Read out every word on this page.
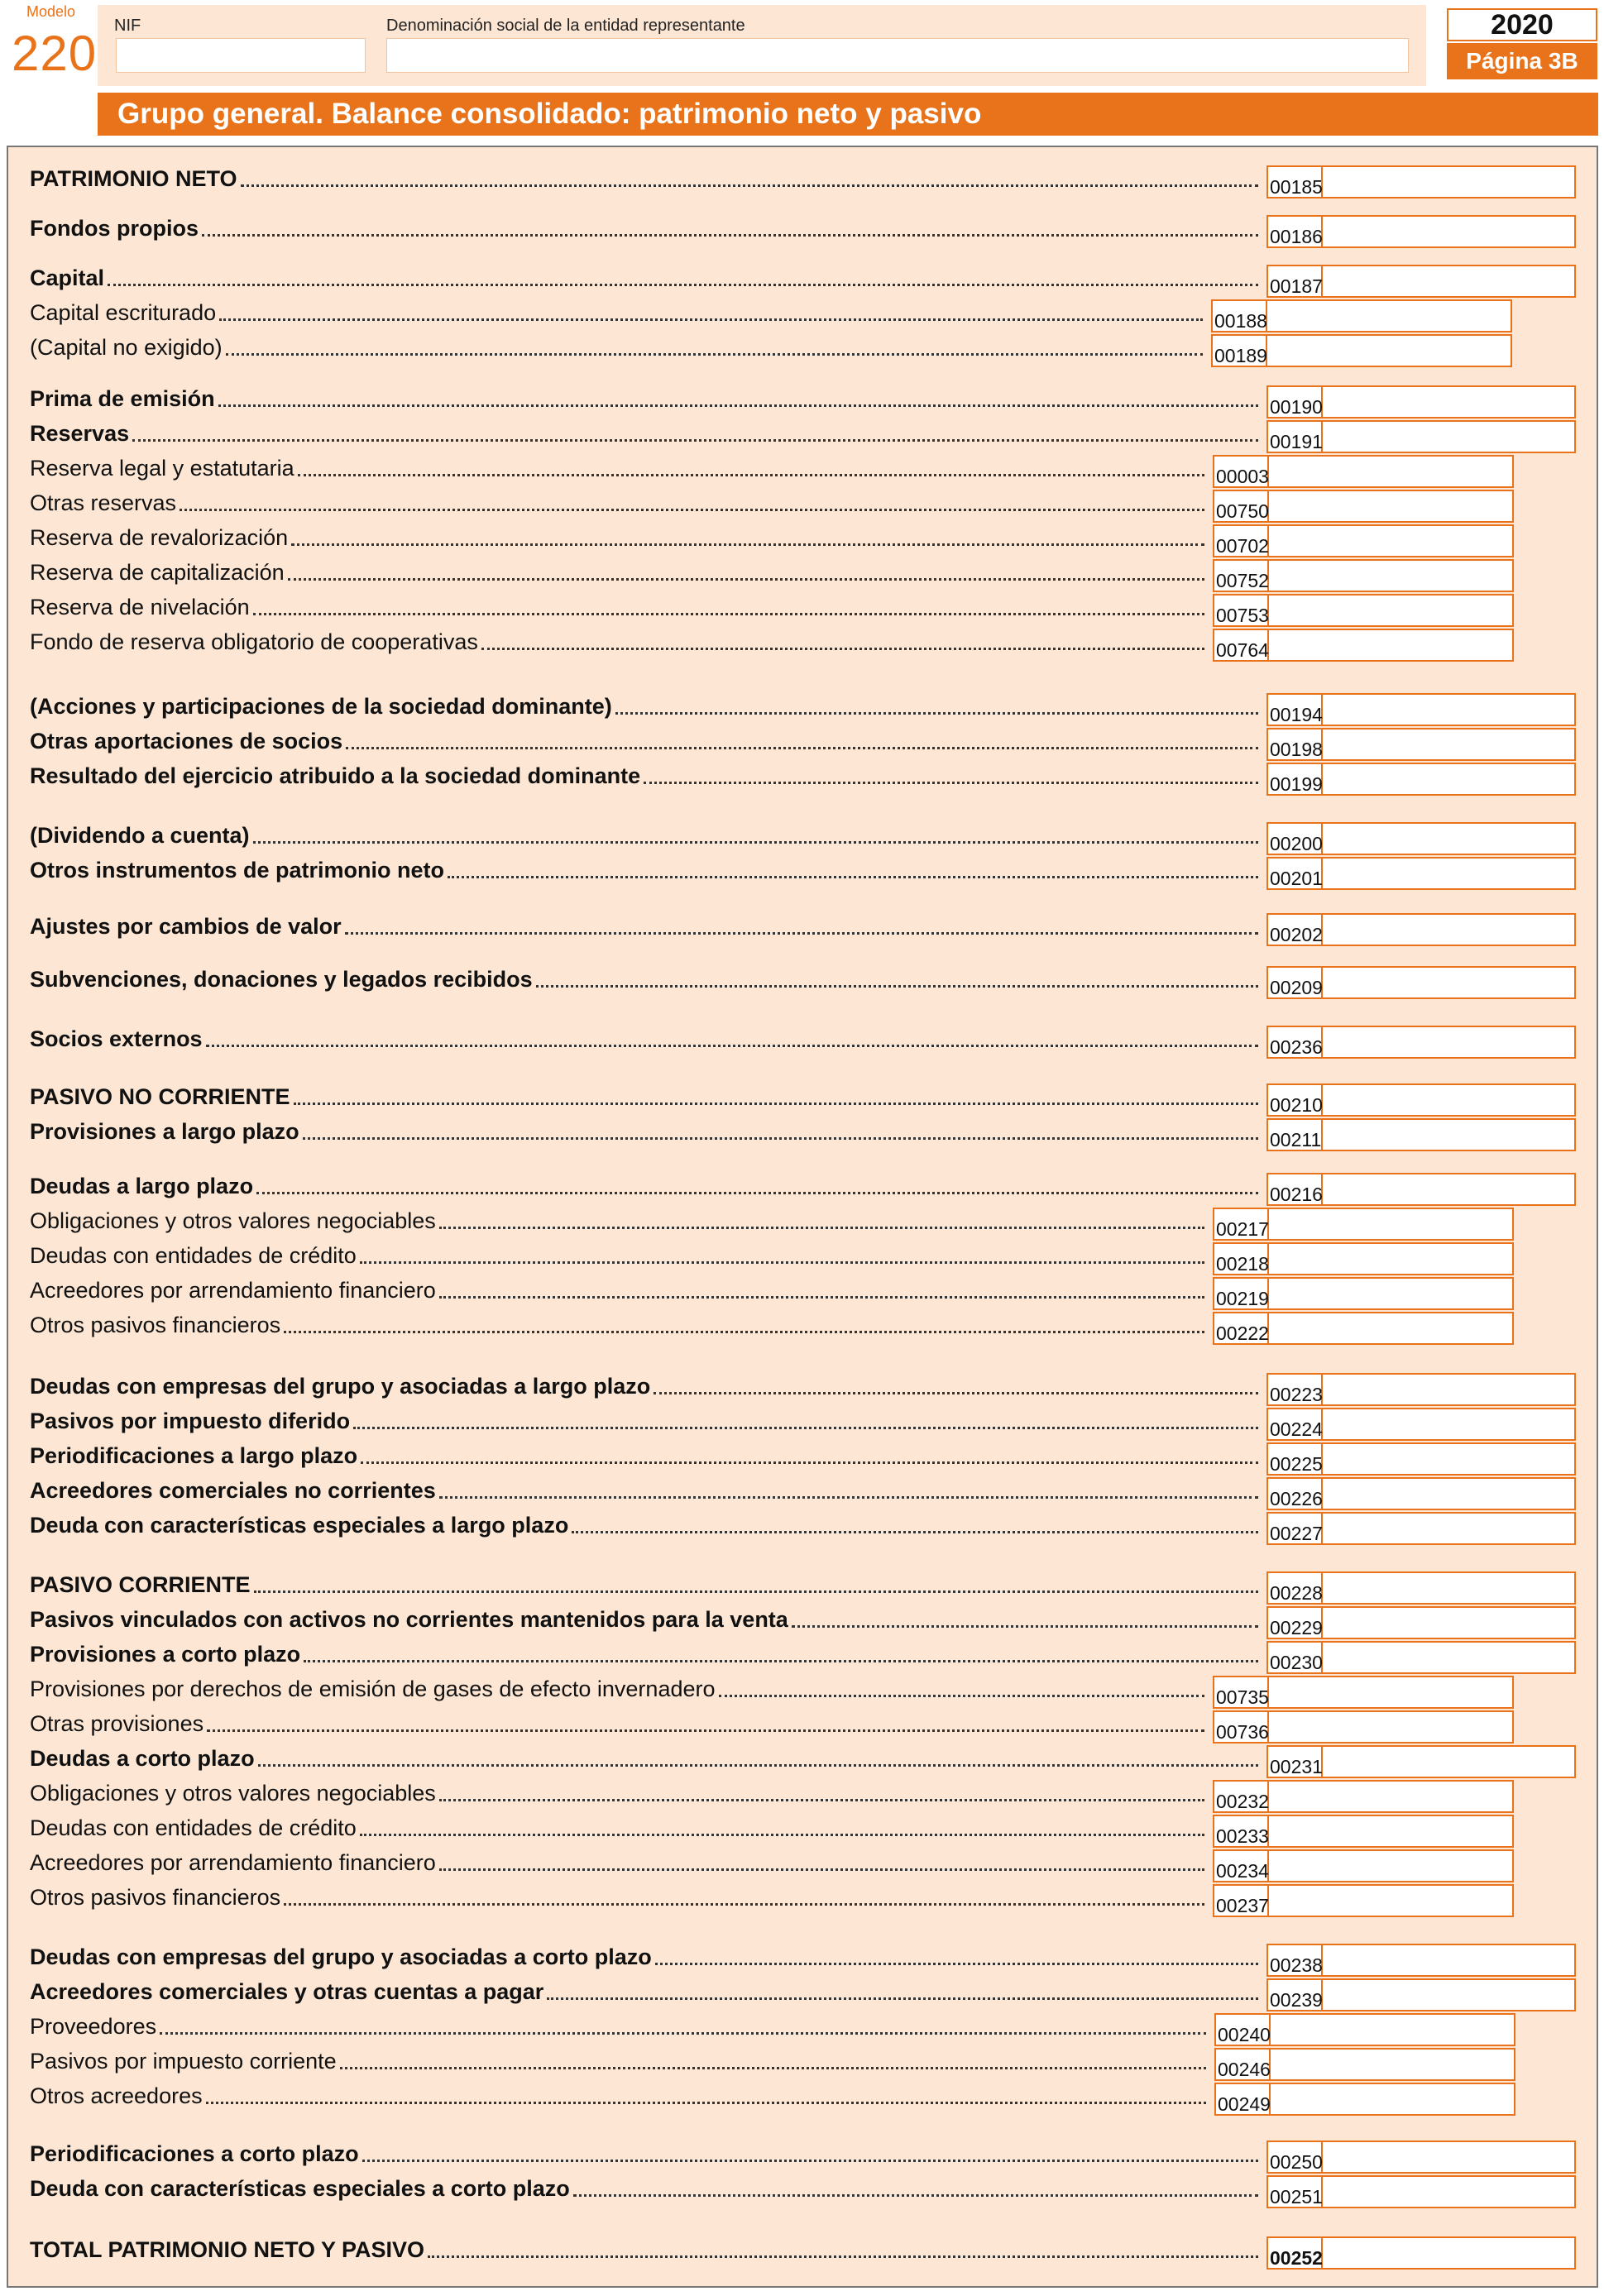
Modelo
220 NIF	Denominación social de la entidad representante	2020
Página 3B
Grupo general. Balance consolidado: patrimonio neto y pasivo
PATRIMONIO NETO	00185
Fondos propios	00186
Capital	00187
Capital escriturado	00188
(Capital no exigido)	00189
Prima de emisión	00190
Reservas	00191
Reserva legal y estatutaria	00003
Otras reservas	00750
Reserva de revalorización	00702
Reserva de capitalización	00752
Reserva de nivelación	00753
Fondo de reserva obligatorio de cooperativas	00764
(Acciones y participaciones de la sociedad dominante)	00194
Otras aportaciones de socios	00198
Resultado del ejercicio atribuido a la sociedad dominante	00199
(Dividendo a cuenta)	00200
Otros instrumentos de patrimonio neto	00201
Ajustes por cambios de valor	00202
Subvenciones, donaciones y legados recibidos	00209
Socios externos	00236
PASIVO NO CORRIENTE	00210
Provisiones a largo plazo	00211
Deudas a largo plazo	00216
Obligaciones y otros valores negociables	00217
Deudas con entidades de crédito	00218
Acreedores por arrendamiento financiero	00219
Otros pasivos financieros	00222
Deudas con empresas del grupo y asociadas a largo plazo	00223
Pasivos por impuesto diferido	00224
Periodificaciones a largo plazo	00225
Acreedores comerciales no corrientes	00226
Deuda con características especiales a largo plazo	00227
PASIVO CORRIENTE	00228
Pasivos vinculados con activos no corrientes mantenidos para la venta	00229
Provisiones a corto plazo	00230
Provisiones por derechos de emisión de gases de efecto invernadero	00735
Otras provisiones	00736
Deudas a corto plazo	00231
Obligaciones y otros valores negociables	00232
Deudas con entidades de crédito	00233
Acreedores por arrendamiento financiero	00234
Otros pasivos financieros	00237
Deudas con empresas del grupo y asociadas a corto plazo	00238
Acreedores comerciales y otras cuentas a pagar	00239
Proveedores	00240
Pasivos por impuesto corriente	00246
Otros acreedores	00249
Periodificaciones a corto plazo	00250
Deuda con características especiales a corto plazo	00251
TOTAL PATRIMONIO NETO Y PASIVO	00252
